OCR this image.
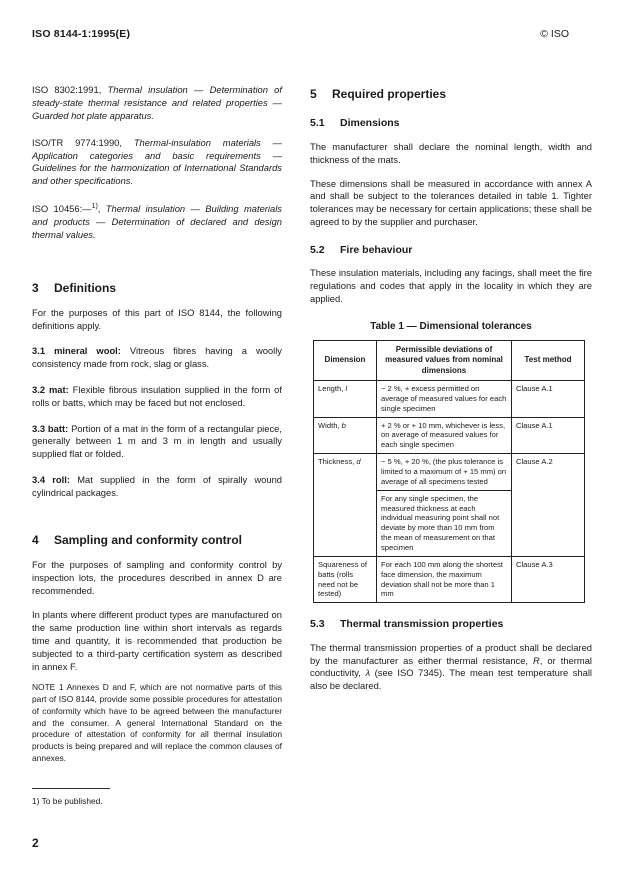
ISO 8144-1:1995(E)	© ISO

ISO 8302:1991, Thermal insulation — Determination of steady-state thermal resistance and related properties — Guarded hot plate apparatus.

ISO/TR 9774:1990, Thermal-insulation materials — Application categories and basic requirements — Guidelines for the harmonization of International Standards and other specifications.

ISO 10456:—$^{1)}$, Thermal insulation — Building materials and products — Determination of declared and design thermal values.

3 Definitions

For the purposes of this part of ISO 8144, the following definitions apply.

3.1 mineral wool: Vitreous fibres having a woolly consistency made from rock, slag or glass.

3.2 mat: Flexible fibrous insulation supplied in the form of rolls or batts, which may be faced but not enclosed.

3.3 batt: Portion of a mat in the form of a rectangular piece, generally between 1 m and 3 m in length and usually supplied flat or folded.

3.4 roll: Mat supplied in the form of spirally wound cylindrical packages.

4 Sampling and conformity control

For the purposes of sampling and conformity control by inspection lots, the procedures described in annex D are recommended.

In plants where different product types are manufactured on the same production line within short intervals as regards time and quantity, it is recommended that production be subjected to a third-party certification system as described in annex F.

NOTE 1 Annexes D and F, which are not normative parts of this part of ISO 8144, provide some possible procedures for attestation of conformity which have to be agreed between the manufacturer and the consumer. A general International Standard on the procedure of attestation of conformity for all thermal insulation products is being prepared and will replace the common clauses of annexes.

1) To be published.
2
5 Required properties
5.1 Dimensions

The manufacturer shall declare the nominal length, width and thickness of the mats.

These dimensions shall be measured in accordance with annex A and shall be subject to the tolerances detailed in table 1. Tighter tolerances may be necessary for certain applications; these shall be agreed to by the supplier and purchaser.

5.2 Fire behaviour

These insulation materials, including any facings, shall meet the fire regulations and codes that apply in the locality in which they are applied.

Table 1 — Dimensional tolerances
Dimension	Permissible deviations of measured values from nominal dimensions	Test method
Length, l	− 2 %, + excess permitted on average of measured values for each single specimen	Clause A.1
Width, b	+ 2 % or + 10 mm, whichever is less, on average of measured values for each single specimen	Clause A.1
Thickness, d	− 5 %, + 20 %, (the plus tolerance is limited to a maximum of + 15 mm) on average of all specimens tested	Clause A.2
	For any single specimen, the measured thickness at each individual measuring point shall not deviate by more than 10 mm from the mean of measurement on that specimen	
Squareness of batts (rolls need not be tested)	For each 100 mm along the shortest face dimension, the maximum deviation shall not be more than 1 mm	Clause A.3
5.3 Thermal transmission properties

The thermal transmission properties of a product shall be declared by the manufacturer as either thermal resistance, R, or thermal conductivity, λ (see ISO 7345). The mean test temperature shall also be declared.
